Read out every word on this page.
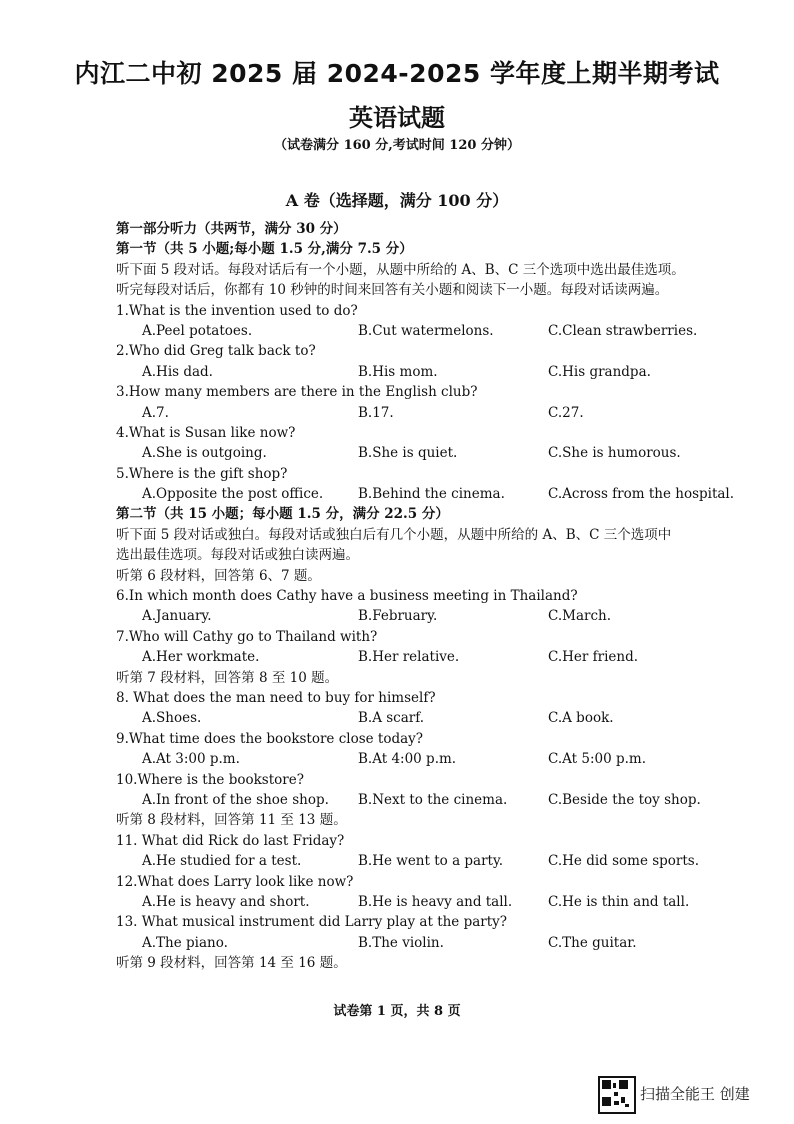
内江二中初 2025 届 2024-2025 学年度上期半期考试
英语试题
（试卷满分 160 分,考试时间 120 分钟）
A 卷（选择题，满分 100 分）
第一部分听力（共两节，满分 30 分）
第一节（共 5 小题;每小题 1.5 分,满分 7.5 分）
听下面 5 段对话。每段对话后有一个小题，从题中所给的 A、B、C 三个选项中选出最佳选项。
听完每段对话后，你都有 10 秒钟的时间来回答有关小题和阅读下一小题。每段对话读两遍。
1.What is the invention used to do?
A.Peel potatoes.	B.Cut watermelons.	C.Clean strawberries.
2.Who did Greg talk back to?
A.His dad.	B.His mom.	C.His grandpa.
3.How many members are there in the English club?
A.7.	B.17.	C.27.
4.What is Susan like now?
A.She is outgoing.	B.She is quiet.	C.She is humorous.
5.Where is the gift shop?
A.Opposite the post office.	B.Behind the cinema.	C.Across from the hospital.
第二节（共 15 小题；每小题 1.5 分，满分 22.5 分）
听下面 5 段对话或独白。每段对话或独白后有几个小题，从题中所给的 A、B、C 三个选项中
选出最佳选项。每段对话或独白读两遍。
听第 6 段材料，回答第 6、7 题。
6.In which month does Cathy have a business meeting in Thailand?
A.January.	B.February.	C.March.
7.Who will Cathy go to Thailand with?
A.Her workmate.	B.Her relative.	C.Her friend.
听第 7 段材料，回答第 8 至 10 题。
8. What does the man need to buy for himself?
A.Shoes.	B.A scarf.	C.A book.
9.What time does the bookstore close today?
A.At 3:00 p.m.	B.At 4:00 p.m.	C.At 5:00 p.m.
10.Where is the bookstore?
A.In front of the shoe shop. B.Next to the cinema.	C.Beside the toy shop.
听第 8 段材料，回答第 11 至 13 题。
11. What did Rick do last Friday?
A.He studied for a test.	B.He went to a party.	C.He did some sports.
12.What does Larry look like now?
A.He is heavy and short.	B.He is heavy and tall.	C.He is thin and tall.
13. What musical instrument did Larry play at the party?
A.The piano.	B.The violin.	C.The guitar.
听第 9 段材料，回答第 14 至 16 题。
试卷第 1 页，共 8 页
扫描全能王 创建
